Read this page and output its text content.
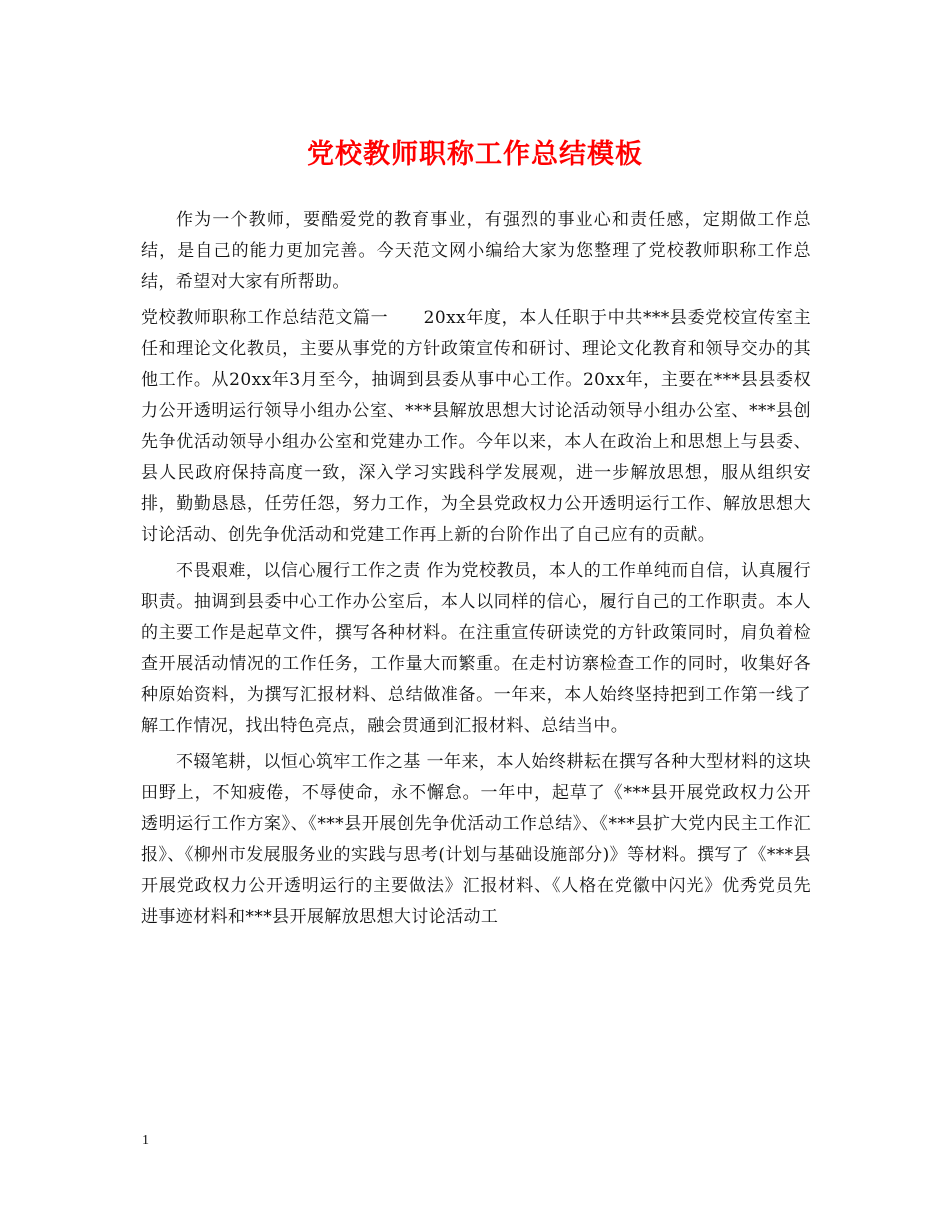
党校教师职称工作总结模板

作为一个教师，要酷爱党的教育事业，有强烈的事业心和责任感，定期做工作总结，是自己的能力更加完善。今天范文网小编给大家为您整理了党校教师职称工作总结，希望对大家有所帮助。

党校教师职称工作总结范文篇一　　20xx年度，本人任职于中共***县委党校宣传室主任和理论文化教员，主要从事党的方针政策宣传和研讨、理论文化教育和领导交办的其他工作。从20xx年3月至今，抽调到县委从事中心工作。20xx年，主要在***县县委权力公开透明运行领导小组办公室、***县解放思想大讨论活动领导小组办公室、***县创先争优活动领导小组办公室和党建办工作。今年以来，本人在政治上和思想上与县委、县人民政府保持高度一致，深入学习实践科学发展观，进一步解放思想，服从组织安排，勤勤恳恳，任劳任怨，努力工作，为全县党政权力公开透明运行工作、解放思想大讨论活动、创先争优活动和党建工作再上新的台阶作出了自己应有的贡献。

不畏艰难，以信心履行工作之责 作为党校教员，本人的工作单纯而自信，认真履行职责。抽调到县委中心工作办公室后，本人以同样的信心，履行自己的工作职责。本人的主要工作是起草文件，撰写各种材料。在注重宣传研读党的方针政策同时，肩负着检查开展活动情况的工作任务，工作量大而繁重。在走村访寨检查工作的同时，收集好各种原始资料，为撰写汇报材料、总结做准备。一年来，本人始终坚持把到工作第一线了解工作情况，找出特色亮点，融会贯通到汇报材料、总结当中。

不辍笔耕，以恒心筑牢工作之基 一年来，本人始终耕耘在撰写各种大型材料的这块田野上，不知疲倦，不辱使命，永不懈怠。一年中，起草了《***县开展党政权力公开透明运行工作方案》、《***县开展创先争优活动工作总结》、《***县扩大党内民主工作汇报》、《柳州市发展服务业的实践与思考(计划与基础设施部分)》等材料。撰写了《***县开展党政权力公开透明运行的主要做法》汇报材料、《人格在党徽中闪光》优秀党员先进事迹材料和***县开展解放思想大讨论活动工

1
